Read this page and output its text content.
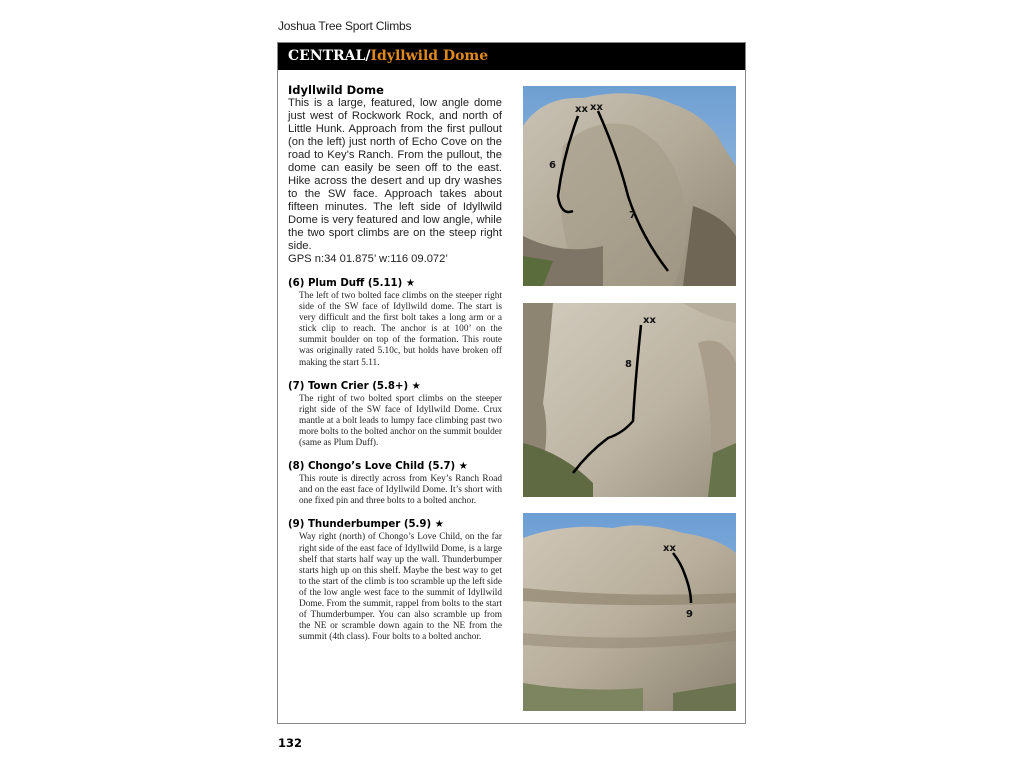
Joshua Tree Sport Climbs
CENTRAL/Idyllwild Dome
Idyllwild Dome

This is a large, featured, low angle dome just west of Rockwork Rock, and north of Little Hunk. Approach from the first pullout (on the left) just north of Echo Cove on the road to Key’s Ranch. From the pullout, the dome can easily be seen off to the east. Hike across the desert and up dry washes to the SW face. Approach takes about fifteen minutes. The left side of Idyllwild Dome is very featured and low angle, while the two sport climbs are on the steep right side.

GPS n:34 01.875’ w:116 09.072’

(6) Plum Duff (5.11) ★
The left of two bolted face climbs on the steeper right side of the SW face of Idyllwild dome. The start is very difficult and the first bolt takes a long arm or a stick clip to reach. The anchor is at 100’ on the summit boulder on top of the formation. This route was originally rated 5.10c, but holds have broken off making the start 5.11.
(7) Town Crier (5.8+) ★
The right of two bolted sport climbs on the steeper right side of the SW face of Idyllwild Dome. Crux mantle at a bolt leads to lumpy face climbing past two more bolts to the bolted anchor on the summit boulder (same as Plum Duff).
(8) Chongo’s Love Child (5.7) ★
This route is directly across from Key’s Ranch Road and on the east face of Idyllwild Dome. It’s short with one fixed pin and three bolts to a bolted anchor.
(9) Thunderbumper (5.9) ★
Way right (north) of Chongo’s Love Child, on the far right side of the east face of Idyllwild Dome, is a large shelf that starts half way up the wall. Thunderbumper starts high up on this shelf. Maybe the best way to get to the start of the climb is too scramble up the left side of the low angle west face to the summit of Idyllwild Dome. From the summit, rappel from bolts to the start of Thumderbumper. You can also scramble up from the NE or scramble down again to the NE from the summit (4th class). Four bolts to a bolted anchor.
xx xx
6
7
xx
8
xx
9
132
